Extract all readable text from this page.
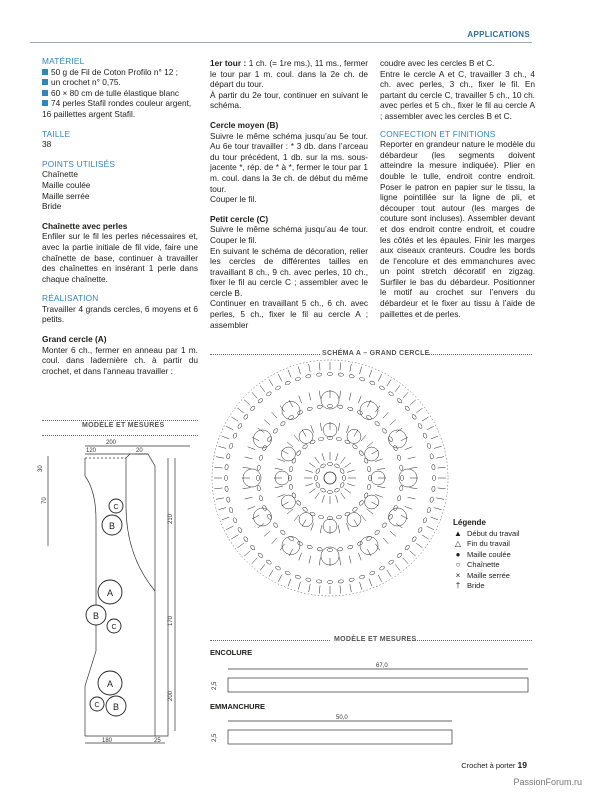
APPLICATIONS

MATÉRIEL

50 g de Fil de Coton Profilo n° 12 ;

un crochet n° 0,75.

60 × 80 cm de tulle élastique blanc

74 perles Stafil rondes couleur argent,

16 paillettes argent Stafil.

TAILLE

38

POINTS UTILISÉS

Chaînette

Maille coulée

Maille serrée

Bride

Chaînette avec perles

Enfiler sur le fil les perles nécessaires et, avec la partie initiale de fil vide, faire une chaînette de base, continuer à travailler des chaînettes en insérant 1 perle dans chaque chaînette.

RÉALISATION

Travailler 4 grands cercles, 6 moyens et 6 petits.

Grand cercle (A)

Monter 6 ch., fermer en anneau par 1 m. coul. dans ladernière ch. à partir du crochet, et dans l’anneau travailler :

1er tour : 1 ch. (= 1re ms.), 11 ms., fermer le tour par 1 m. coul. dans la 2e ch. de départ du tour.

À partir du 2e tour, continuer en suivant le schéma.

Cercle moyen (B)

Suivre le même schéma jusqu’au 5e tour. Au 6e tour travailler : * 3 db. dans l’arceau du tour précédent, 1 db. sur la ms. sous-jacente *, rép. de * à *, fermer le tour par 1 m. coul. dans la 3e ch. de début du même tour.

Couper le fil.

Petit cercle (C)

Suivre le même schéma jusqu’au 4e tour. Couper le fil.

En suivant le schéma de décoration, relier les cercles de différentes tailles en travaillant 8 ch., 9 ch. avec perles, 10 ch., fixer le fil au cercle C ; assembler avec le cercle B.

Continuer en travaillant 5 ch., 6 ch. avec perles, 5 ch., fixer le fil au cercle A ; assembler

coudre avec les cercles B et C.

Entre le cercle A et C, travailler 3 ch., 4 ch. avec perles, 3 ch., fixer le fil. En partant du cercle C, travailler 5 ch., 10 ch. avec perles et 5 ch., fixer le fil au cercle A ; assembler avec les cercles B et C.

CONFECTION ET FINITIONS

Reporter en grandeur nature le modèle du débardeur (les segments doivent atteindre la mesure indiquée). Plier en double le tulle, endroit contre endroit. Poser le patron en papier sur le tissu, la ligne pointillée sur la ligne de pli, et découper tout autour (les marges de couture sont incluses). Assembler devant et dos endroit contre endroit, et coudre les côtés et les épaules. Finir les marges aux ciseaux cranteurs. Coudre les bords de l’encolure et des emmanchures avec un point stretch décoratif en zigzag. Surfiler le bas du débardeur. Positionner le motif au crochet sur l’envers du débardeur et le fixer au tissu à l’aide de paillettes et de perles.

MODÈLE ET MESURES
200
120	20
30
70
210
170
200
180	25
C
B
A
B
C
A
C B
SCHÉMA A – GRAND CERCLE
Légende
▲ Début du travail
△ Fin du travail
● Maille coulée
○ Chaînette
× Maille serrée
† Bride
MODÈLE ET MESURES
ENCOLURE
67,0
2,5
EMMANCHURE
50,0
2,5
Crochet à porter 19
PassionForum.ru
